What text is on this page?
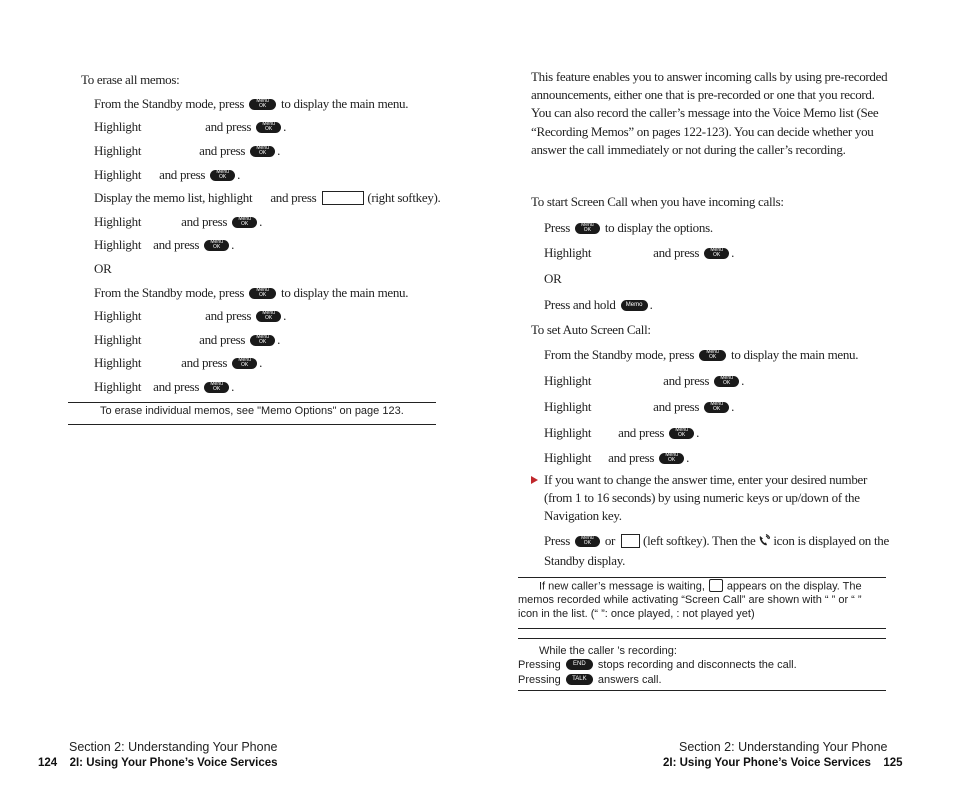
To erase all memos:
From the Standby mode, press	Menu
OK	to display the main menu.
Highlight	and press	Menu
OK .
Highlight	and press	Menu
OK .
Highlight and press	Menu
OK .
Display the memo list, highlight and press	(right softkey).
Highlight	and press	Menu
OK .
Highlight and press	Menu
OK .
OR
From the Standby mode, press	Menu
OK	to display the main menu.
Highlight	and press	Menu
OK .
Highlight	and press	Menu
OK .
Highlight	and press	Menu
OK .
Highlight and press	Menu
OK .
To erase individual memos, see "Memo Options" on page 123.
This feature enables you to answer incoming calls by using pre-recorded
announcements, either one that is pre-recorded or one that you record.
You can also record the caller’s message into the Voice Memo list (See
“Recording Memos” on pages 122-123). You can decide whether you
answer the call immediately or not during the caller’s recording.
To start Screen Call when you have incoming calls:
Press	Menu
OK	to display the options.
Highlight	and press	Menu
OK .
OR
Press and hold Memo .
To set Auto Screen Call:
From the Standby mode, press	Menu
OK	to display the main menu.
Highlight	and press	Menu
OK .
Highlight	and press	Menu
OK .
Highlight and press	Menu
OK .
Highlight and press	Menu
OK .
If you want to change the answer time, enter your desired number
(from 1 to 16 seconds) by using numeric keys or up/down of the
Navigation key.
Press	Menu
OK	or (left softkey). Then the icon is displayed on the
Standby display.
If new caller’s message is waiting, appears on the display. The
memos recorded while activating “Screen Call” are shown with “ ” or “ ”
icon in the list. (“ ”: once played, : not played yet)
While the caller ’s recording:
Pressing END stops recording and disconnects the call.
Pressing TALK answers call.
Section 2: Understanding Your Phone
124 2I: Using Your Phone’s Voice Services
Section 2: Understanding Your Phone
2I: Using Your Phone’s Voice Services 125
